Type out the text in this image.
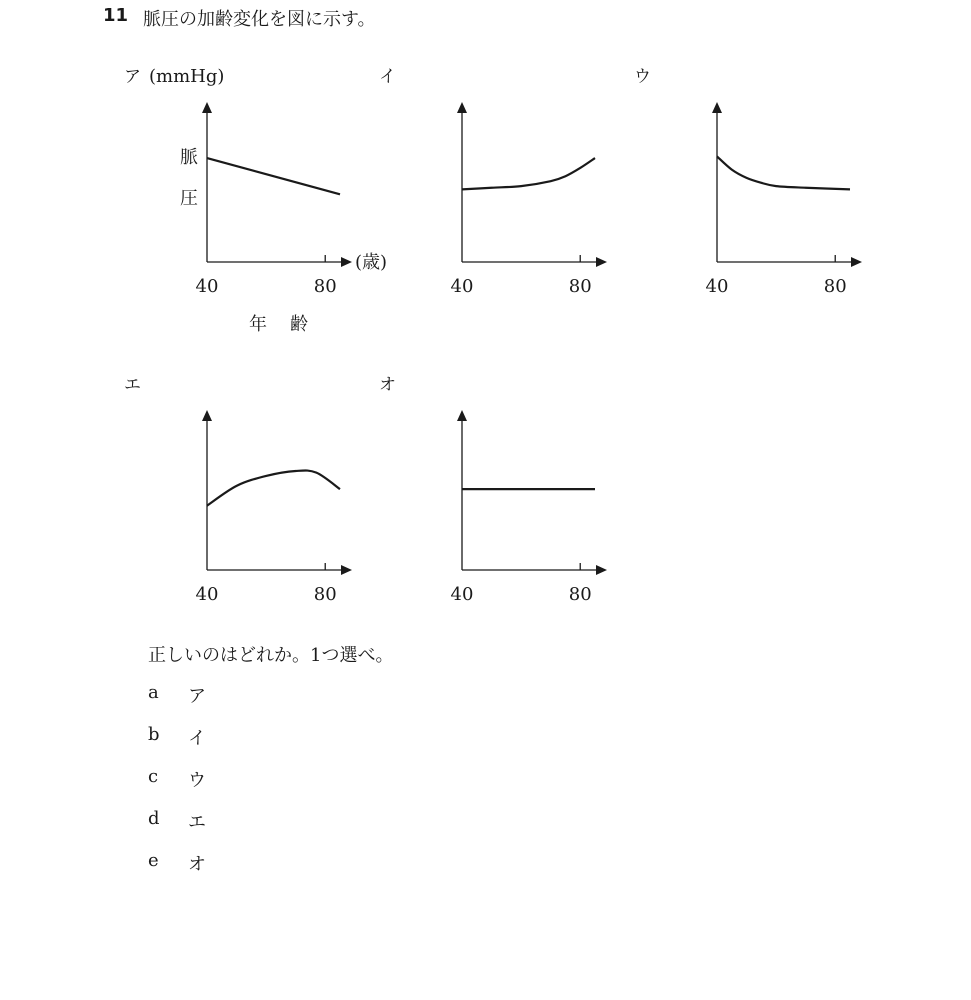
11 脈圧の加齢変化を図に示す。
40	80
ア (mmHg)
脈
圧
(歳)
年 齢
40	80
イ
40	80
ウ
40	80
エ
40	80
オ
正しいのはどれか。1つ選べ。
a	ア
b	イ
c	ウ
d	エ
e	オ
